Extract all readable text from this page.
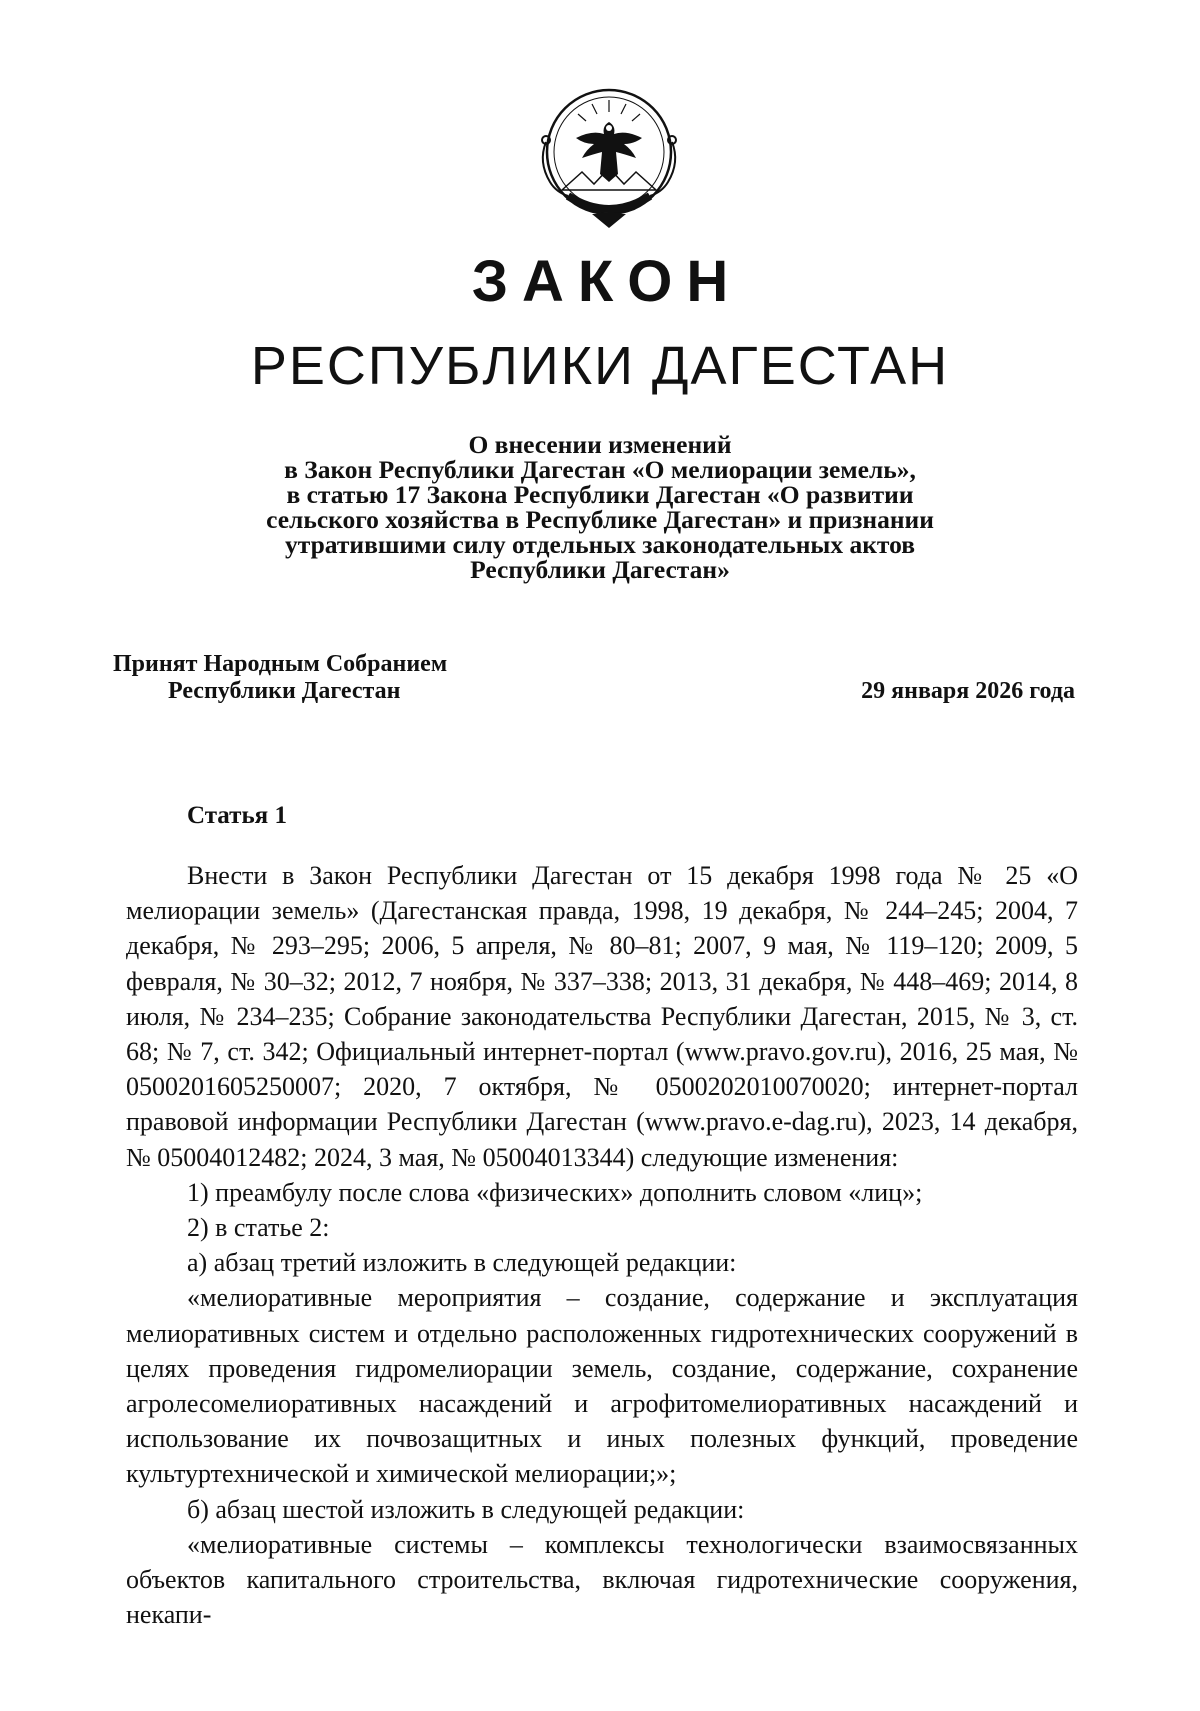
ЗАКОН
РЕСПУБЛИКИ ДАГЕСТАН
О внесении изменений
в Закон Республики Дагестан «О мелиорации земель»,
в статью 17 Закона Республики Дагестан «О развитии
сельского хозяйства в Республике Дагестан» и признании
утратившими силу отдельных законодательных актов
Республики Дагестан»
Принят Народным Собранием
Республики Дагестан	29 января 2026 года
Статья 1

Внести в Закон Республики Дагестан от 15 декабря 1998 года № 25 «О мелиорации земель» (Дагестанская правда, 1998, 19 декабря, № 244–245; 2004, 7 декабря, № 293–295; 2006, 5 апреля, № 80–81; 2007, 9 мая, № 119–120; 2009, 5 февраля, № 30–32; 2012, 7 ноября, № 337–338; 2013, 31 декабря, № 448–469; 2014, 8 июля, № 234–235; Собрание законодательства Республики Дагестан, 2015, № 3, ст. 68; № 7, ст. 342; Официальный интернет-портал (www.pravo.gov.ru), 2016, 25 мая, № 0500201605250007; 2020, 7 октября, № 0500202010070020; интернет-портал правовой информации Республики Дагестан (www.pravo.e-dag.ru), 2023, 14 декабря, № 05004012482; 2024, 3 мая, № 05004013344) следующие изменения:

1) преамбулу после слова «физических» дополнить словом «лиц»;

2) в статье 2:

а) абзац третий изложить в следующей редакции:

«мелиоративные мероприятия – создание, содержание и эксплуатация мелиоративных систем и отдельно расположенных гидротехнических сооружений в целях проведения гидромелиорации земель, создание, содержание, сохранение агролесомелиоративных насаждений и агрофитомелиоративных насаждений и использование их почвозащитных и иных полезных функций, проведение культуртехнической и химической мелиорации;»;

б) абзац шестой изложить в следующей редакции:

«мелиоративные системы – комплексы технологически взаимосвязанных объектов капитального строительства, включая гидротехнические сооружения, некапи-
